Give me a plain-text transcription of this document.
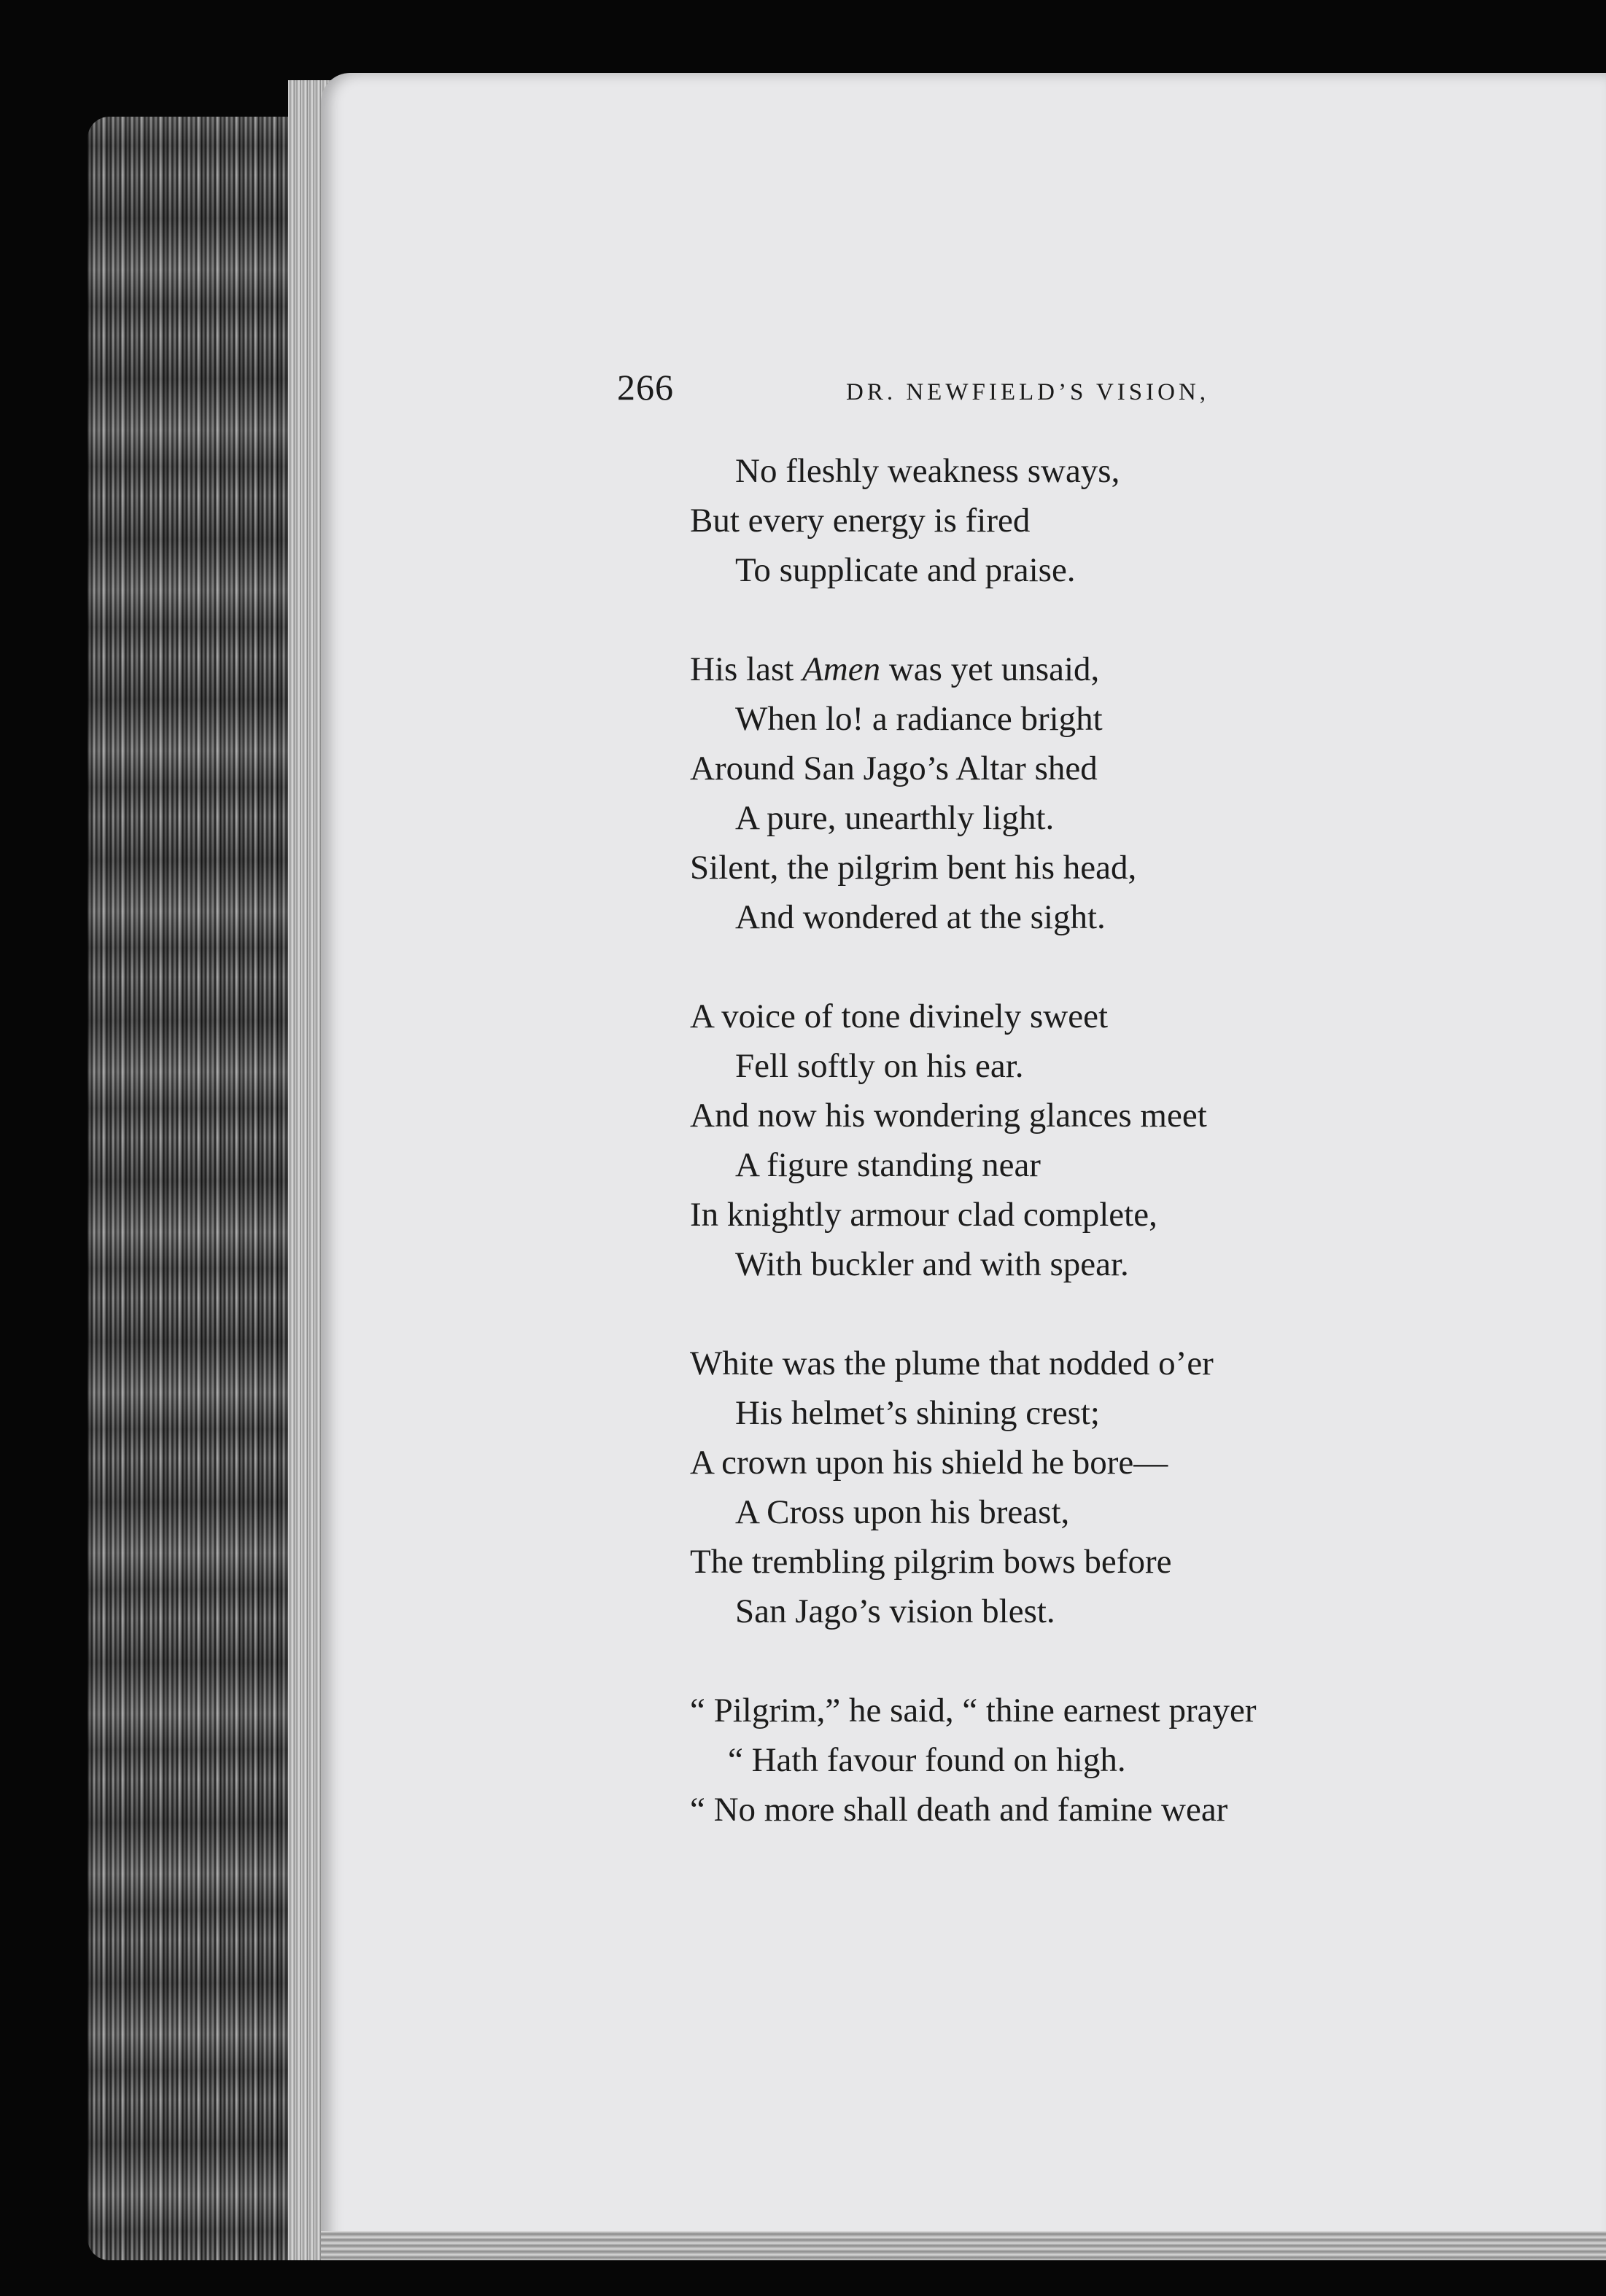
266	DR. NEWFIELD’S VISION,
No fleshly weakness sways,
But every energy is fired
To supplicate and praise.
His last Amen was yet unsaid,
When lo! a radiance bright
Around San Jago’s Altar shed
A pure, unearthly light.
Silent, the pilgrim bent his head,
And wondered at the sight.
A voice of tone divinely sweet
Fell softly on his ear.
And now his wondering glances meet
A figure standing near
In knightly armour clad complete,
With buckler and with spear.
White was the plume that nodded o’er
His helmet’s shining crest;
A crown upon his shield he bore—
A Cross upon his breast,
The trembling pilgrim bows before
San Jago’s vision blest.
“ Pilgrim,” he said, “ thine earnest prayer
“ Hath favour found on high.
“ No more shall death and famine wear
